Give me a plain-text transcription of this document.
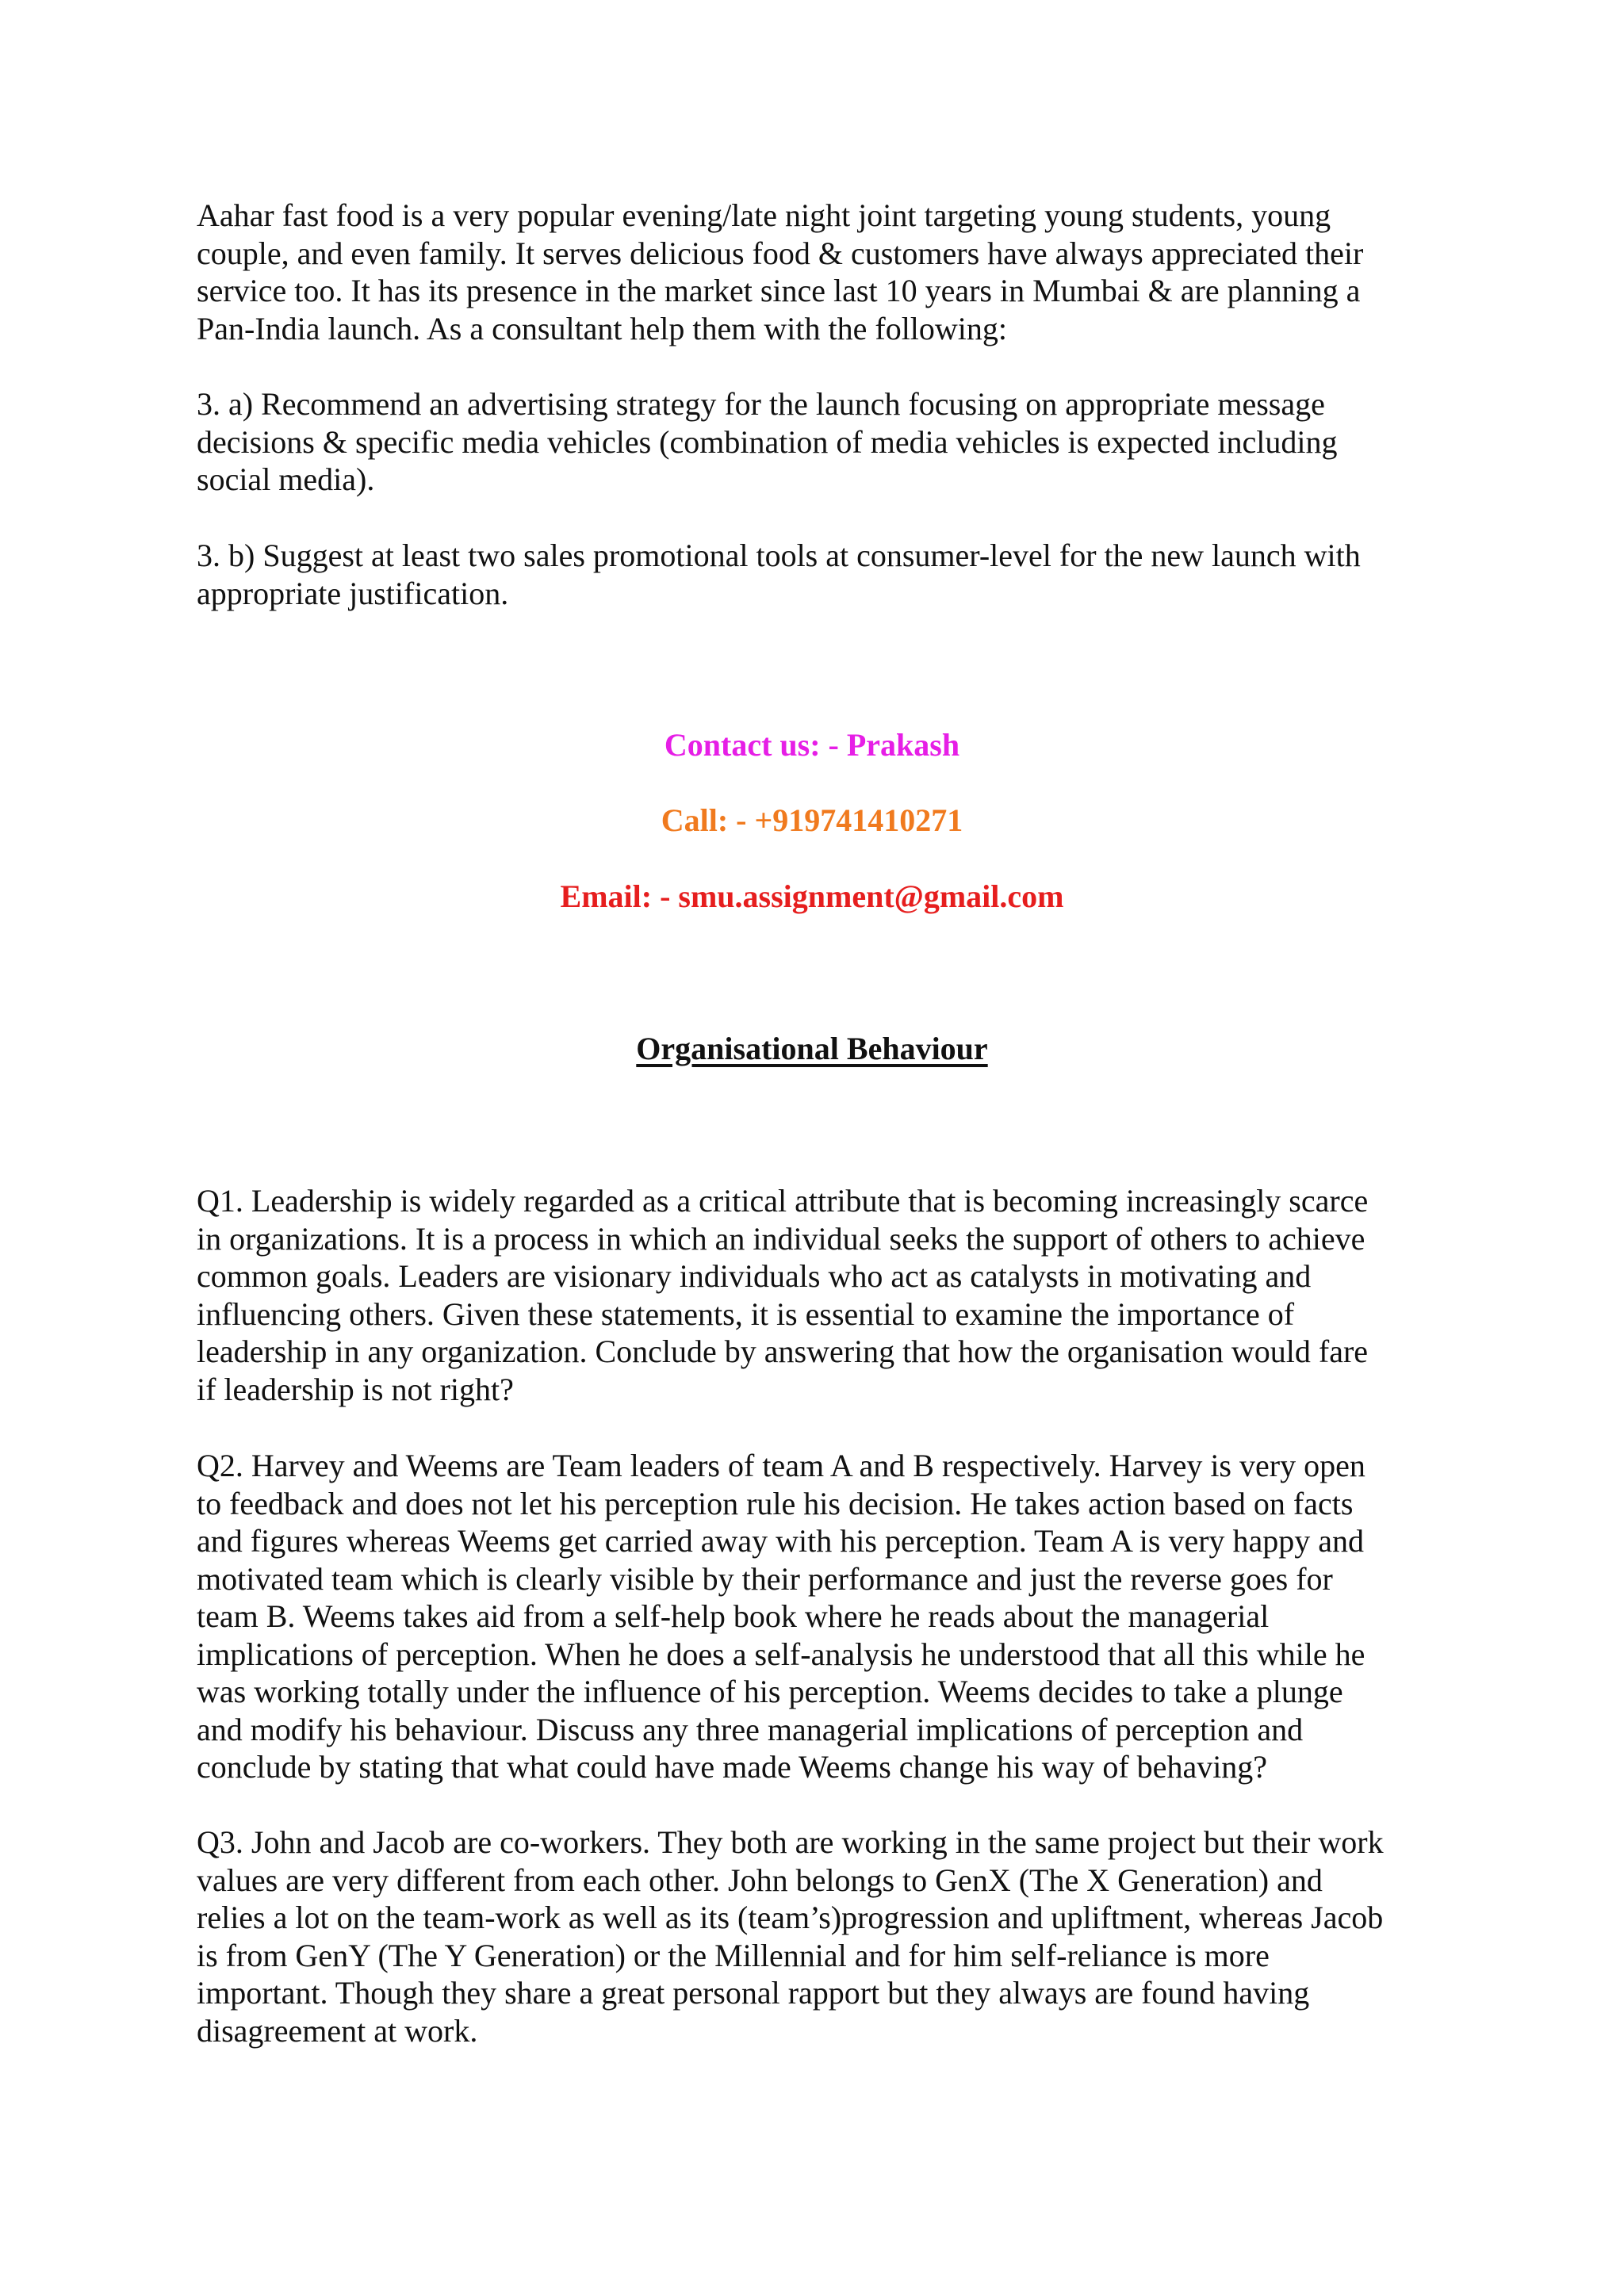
Aahar fast food is a very popular evening/late night joint targeting young students, young
couple, and even family. It serves delicious food & customers have always appreciated their
service too. It has its presence in the market since last 10 years in Mumbai & are planning a
Pan-India launch. As a consultant help them with the following:
3. a) Recommend an advertising strategy for the launch focusing on appropriate message
decisions & specific media vehicles (combination of media vehicles is expected including
social media).
3. b) Suggest at least two sales promotional tools at consumer-level for the new launch with
appropriate justification.
Contact us: - Prakash
Call: - +919741410271
Email: - smu.assignment@gmail.com
Organisational Behaviour
Q1. Leadership is widely regarded as a critical attribute that is becoming increasingly scarce
in organizations. It is a process in which an individual seeks the support of others to achieve
common goals. Leaders are visionary individuals who act as catalysts in motivating and
influencing others. Given these statements, it is essential to examine the importance of
leadership in any organization. Conclude by answering that how the organisation would fare
if leadership is not right?
Q2. Harvey and Weems are Team leaders of team A and B respectively. Harvey is very open
to feedback and does not let his perception rule his decision. He takes action based on facts
and figures whereas Weems get carried away with his perception. Team A is very happy and
motivated team which is clearly visible by their performance and just the reverse goes for
team B. Weems takes aid from a self-help book where he reads about the managerial
implications of perception. When he does a self-analysis he understood that all this while he
was working totally under the influence of his perception. Weems decides to take a plunge
and modify his behaviour. Discuss any three managerial implications of perception and
conclude by stating that what could have made Weems change his way of behaving?
Q3. John and Jacob are co-workers. They both are working in the same project but their work
values are very different from each other. John belongs to GenX (The X Generation) and
relies a lot on the team-work as well as its (team’s)progression and upliftment, whereas Jacob
is from GenY (The Y Generation) or the Millennial and for him self-reliance is more
important. Though they share a great personal rapport but they always are found having
disagreement at work.
